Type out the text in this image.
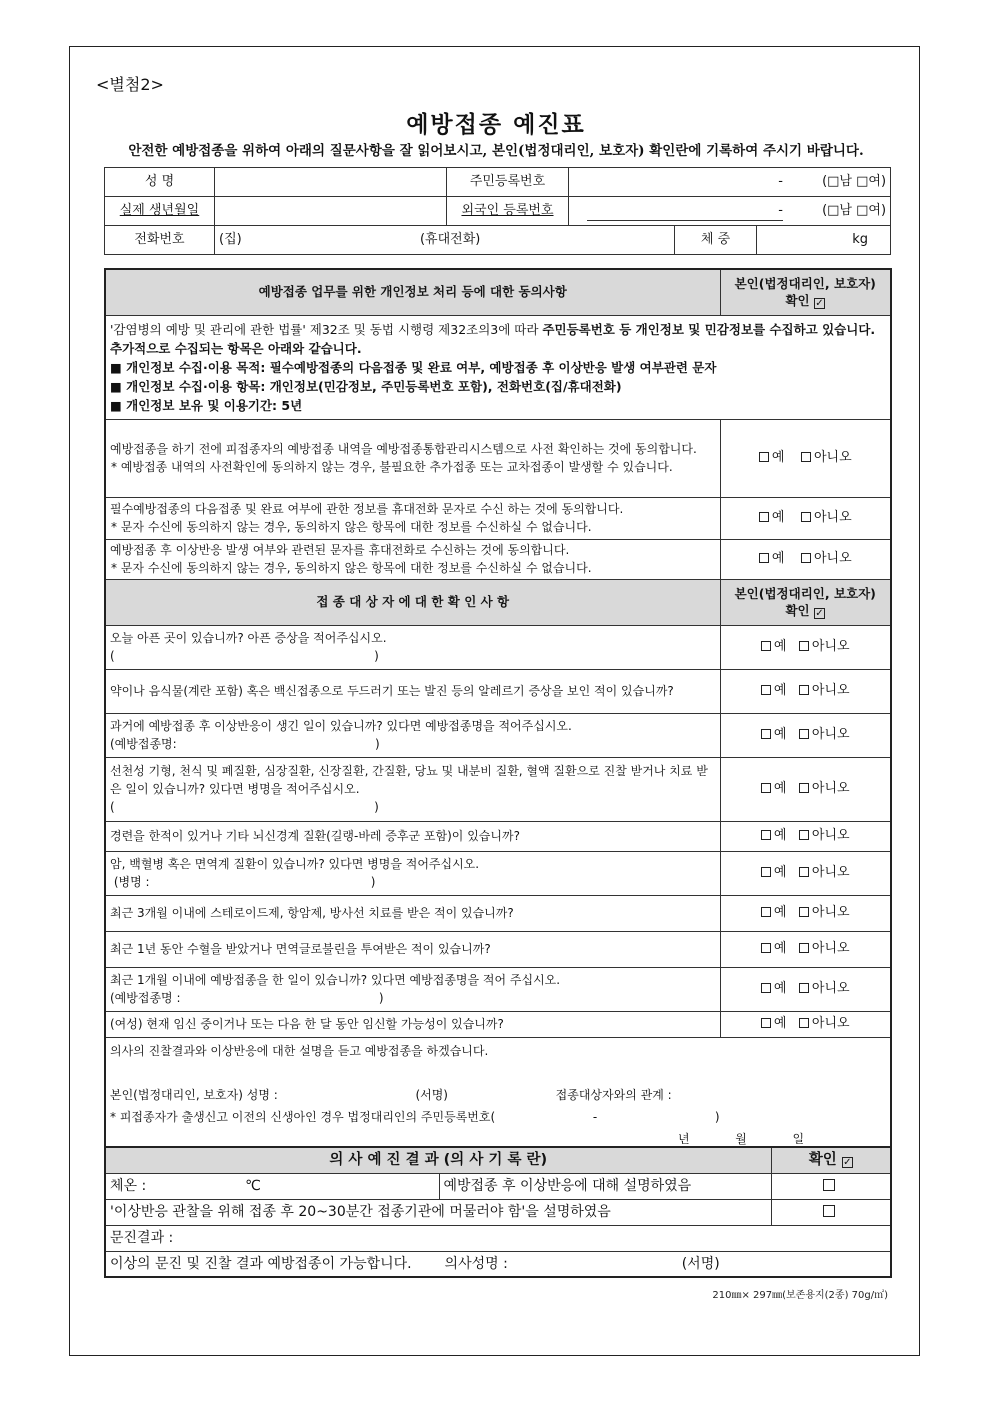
<별첨2>
예방접종 예진표
안전한 예방접종을 위하여 아래의 질문사항을 잘 읽어보시고, 본인(법정대리인, 보호자) 확인란에 기록하여 주시기 바랍니다.
성 명		주민등록번호	- (□남 □여)		

실제 생년월일		외국인 등록번호	- (□남 □여)		

전화번호	(집) (휴대전화)			체 중	kg
예방접종 업무를 위한 개인정보 처리 등에 대한 동의사항	본인(법정대리인, 보호자)
확인 ✓
'감염병의 예방 및 관리에 관한 법률' 제32조 및 동법 시행령 제32조의3에 따라 주민등록번호 등 개인정보 및 민감정보를 수집하고 있습니다. 추가적으로 수집되는 항목은 아래와 같습니다.
■ 개인정보 수집·이용 목적: 필수예방접종의 다음접종 및 완료 여부, 예방접종 후 이상반응 발생 여부관련 문자
■ 개인정보 수집·이용 항목: 개인정보(민감정보, 주민등록번호 포함), 전화번호(집/휴대전화)
■ 개인정보 보유 및 이용기간: 5년	

예방접종을 하기 전에 피접종자의 예방접종 내역을 예방접종통합관리시스템으로 사전 확인하는 것에 동의합니다.
* 예방접종 내역의 사전확인에 동의하지 않는 경우, 불필요한 추가접종 또는 교차접종이 발생할 수 있습니다.	예 아니오

필수예방접종의 다음접종 및 완료 여부에 관한 정보를 휴대전화 문자로 수신 하는 것에 동의합니다.
* 문자 수신에 동의하지 않는 경우, 동의하지 않은 항목에 대한 정보를 수신하실 수 없습니다.	예 아니오

예방접종 후 이상반응 발생 여부와 관련된 문자를 휴대전화로 수신하는 것에 동의합니다.
* 문자 수신에 동의하지 않는 경우, 동의하지 않은 항목에 대한 정보를 수신하실 수 없습니다.	예 아니오
접 종 대 상 자 에 대 한 확 인 사 항	본인(법정대리인, 보호자)
확인 ✓

오늘 아픈 곳이 있습니까? 아픈 증상을 적어주십시오.
(                                                                    )	예 아니오

약이나 음식물(계란 포함) 혹은 백신접종으로 두드러기 또는 발진 등의 알레르기 증상을 보인 적이 있습니까?	예 아니오

과거에 예방접종 후 이상반응이 생긴 일이 있습니까? 있다면 예방접종명을 적어주십시오.
(예방접종명:                                                    )	예 아니오

선천성 기형, 천식 및 폐질환, 심장질환, 신장질환, 간질환, 당뇨 및 내분비 질환, 혈액 질환으로 진찰 받거나 치료 받은 일이 있습니까? 있다면 병명을 적어주십시오.
(                                                                    )	예 아니오

경련을 한적이 있거나 기타 뇌신경계 질환(길랭-바레 증후군 포함)이 있습니까?	예 아니오

암, 백혈병 혹은 면역계 질환이 있습니까? 있다면 병명을 적어주십시오.
(병명 :                                                          )	예 아니오

최근 3개월 이내에 스테로이드제, 항암제, 방사선 치료를 받은 적이 있습니까?	예 아니오

최근 1년 동안 수혈을 받았거나 면역글로불린을 투여받은 적이 있습니까?	예 아니오

최근 1개월 이내에 예방접종을 한 일이 있습니까? 있다면 예방접종명을 적어 주십시오.
(예방접종명 :                                                    )	예 아니오

(여성) 현재 임신 중이거나 또는 다음 한 달 동안 임신할 가능성이 있습니까?	예 아니오

의사의 진찰결과와 이상반응에 대한 설명을 듣고 예방접종을 하겠습니다.

본인(법정대리인, 보호자) 성명 : (서명) 접종대상자와의 관계 :
* 피접종자가 출생신고 이전의 신생아인 경우 법정대리인의 주민등록번호( - )
년 월 일	
의 사 예 진 결 과 (의 사 기 록 란)		확인 ✓
체온 : ℃	예방접종 후 이상반응에 대해 설명하였음	
'이상반응 관찰을 위해 접종 후 20~30분간 접종기관에 머물러야 함'을 설명하였음		
문진결과 :		
이상의 문진 및 진찰 결과 예방접종이 가능합니다. 의사성명 : (서명)		
210㎜× 297㎜(보존용지(2종) 70g/㎡)
